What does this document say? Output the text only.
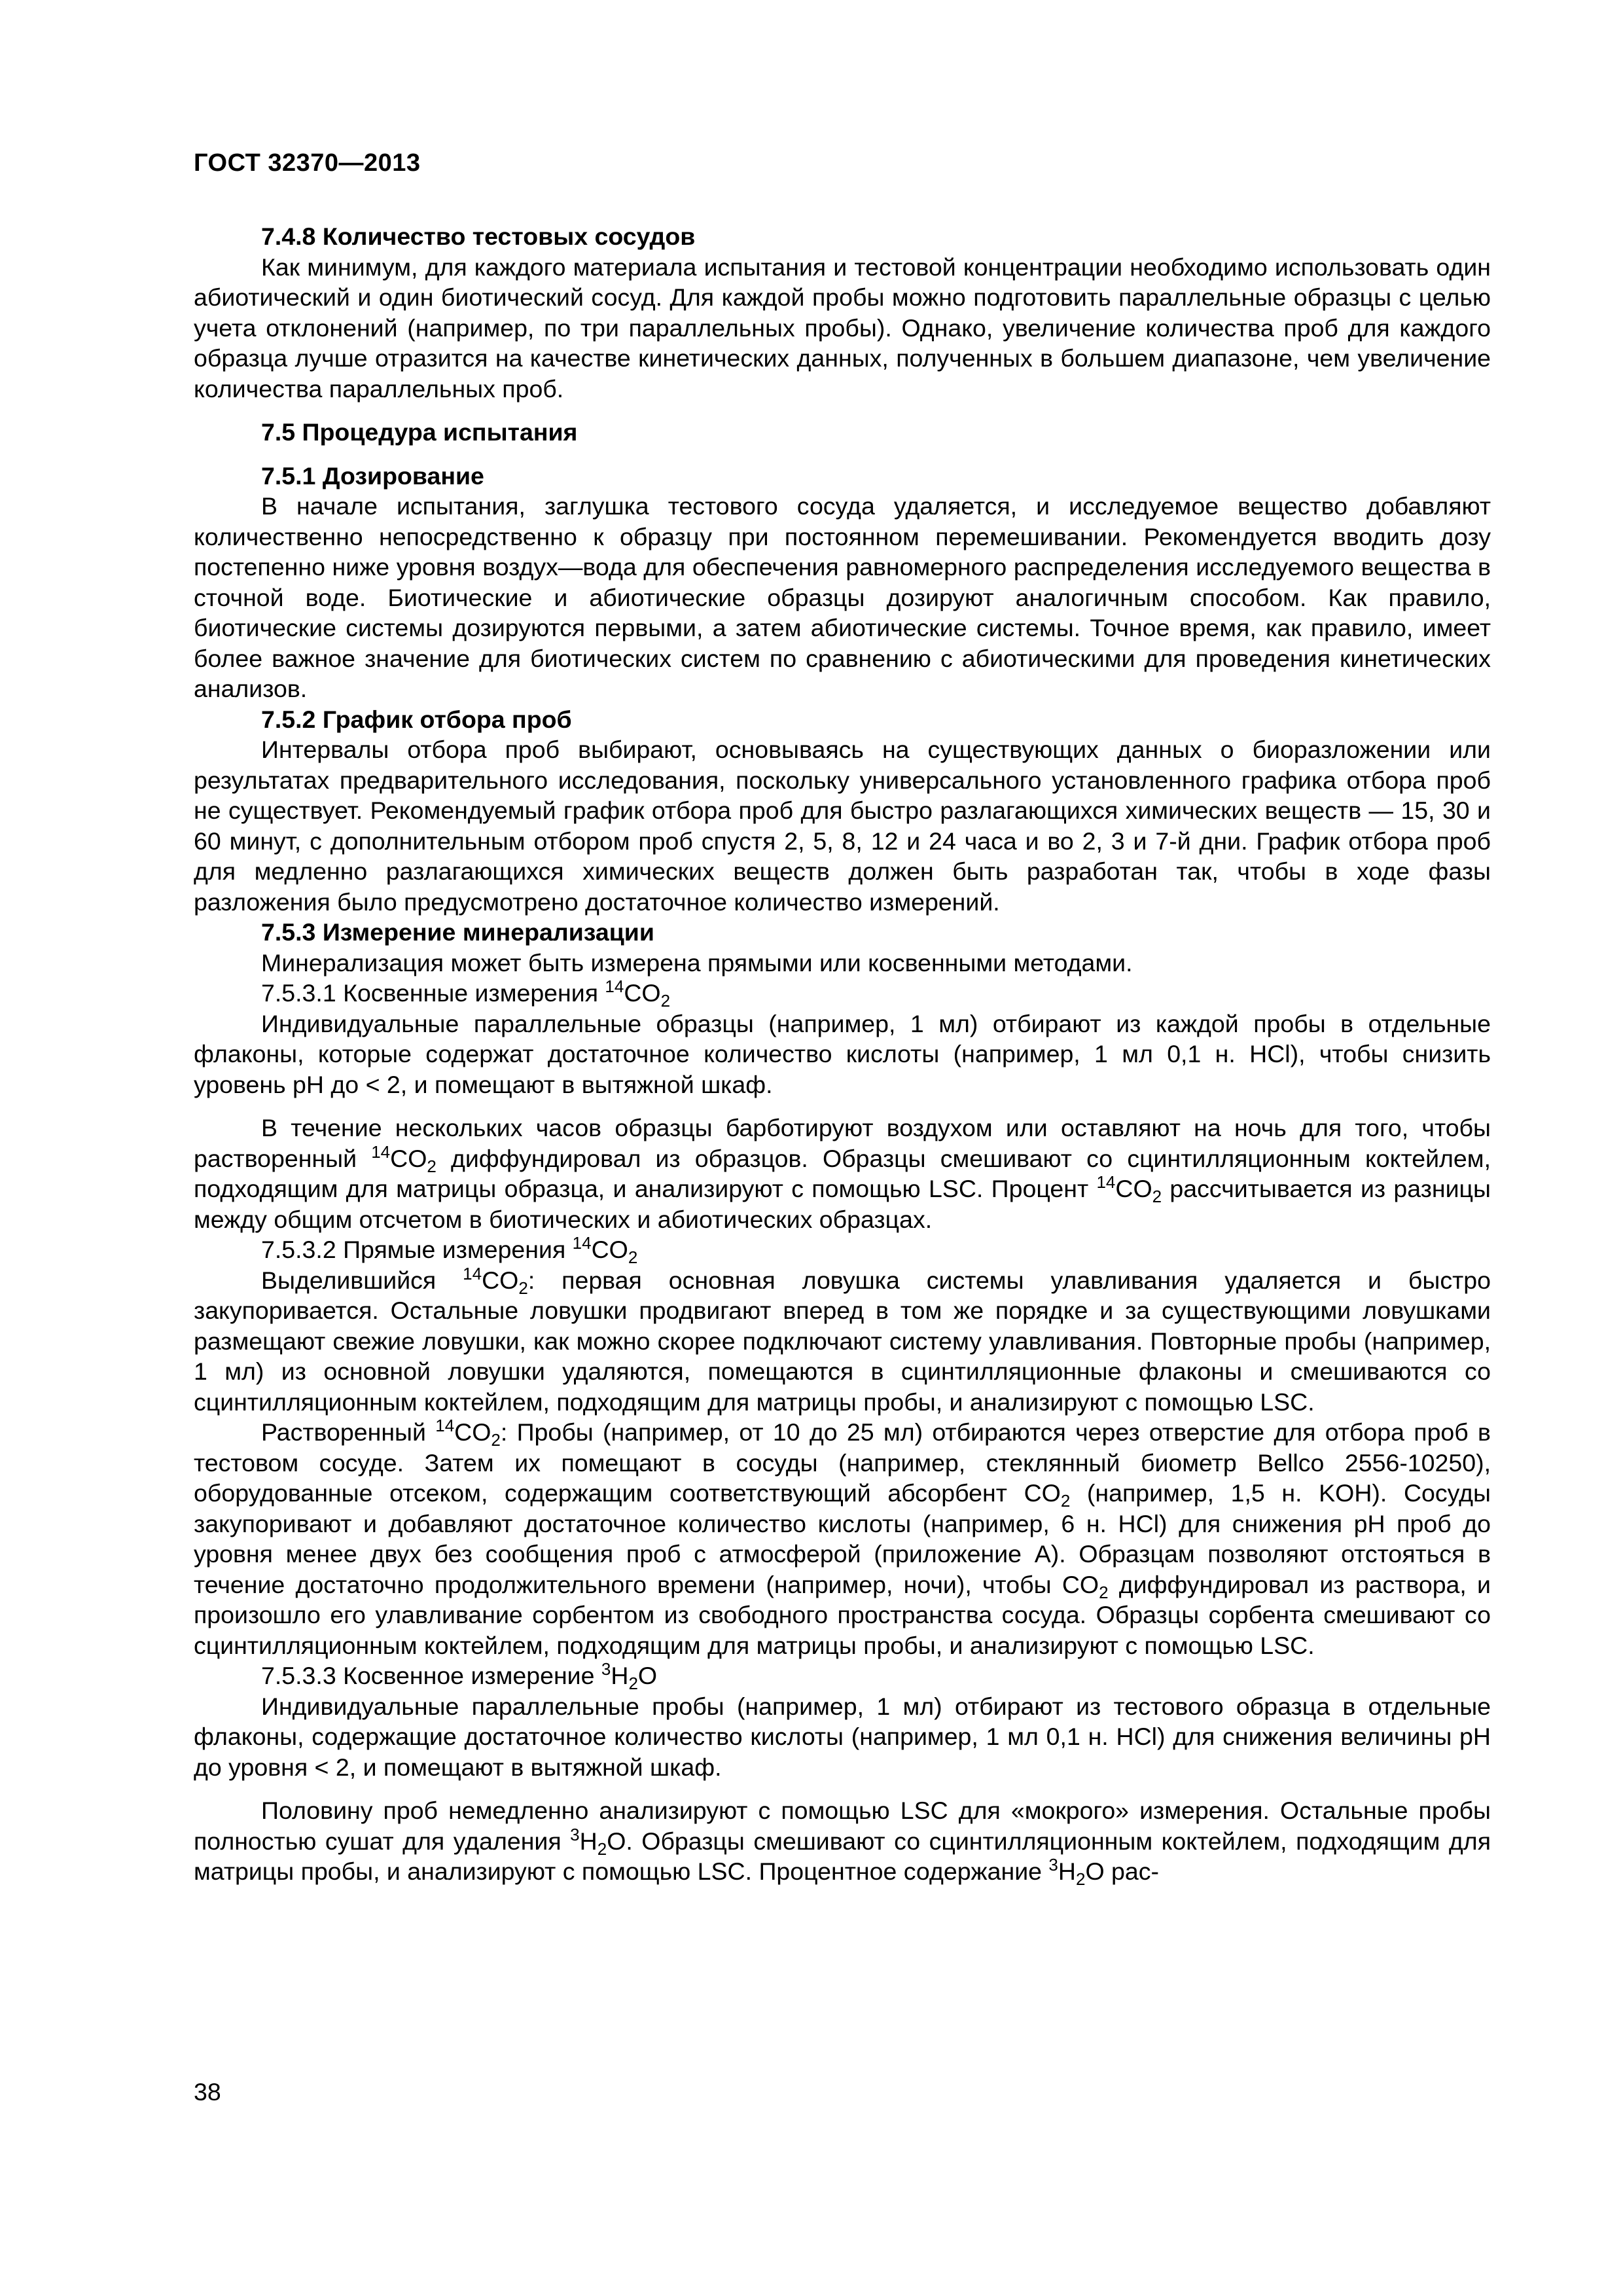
ГОСТ 32370—2013

7.4.8 Количество тестовых сосудов

Как минимум, для каждого материала испытания и тестовой концентрации необходимо использовать один абиотический и один биотический сосуд. Для каждой пробы можно подготовить параллельные образцы с целью учета отклонений (например, по три параллельных пробы). Однако, увеличение количества проб для каждого образца лучше отразится на качестве кинетических данных, полученных в большем диапазоне, чем увеличение количества параллельных проб.

7.5 Процедура испытания

7.5.1 Дозирование

В начале испытания, заглушка тестового сосуда удаляется, и исследуемое вещество добавляют количественно непосредственно к образцу при постоянном перемешивании. Рекомендуется вводить дозу постепенно ниже уровня воздух—вода для обеспечения равномерного распределения исследуемого вещества в сточной воде. Биотические и абиотические образцы дозируют аналогичным способом. Как правило, биотические системы дозируются первыми, а затем абиотические системы. Точное время, как правило, имеет более важное значение для биотических систем по сравнению с абиотическими для проведения кинетических анализов.

7.5.2 График отбора проб

Интервалы отбора проб выбирают, основываясь на существующих данных о биоразложении или результатах предварительного исследования, поскольку универсального установленного графика отбора проб не существует. Рекомендуемый график отбора проб для быстро разлагающихся химических веществ — 15, 30 и 60 минут, с дополнительным отбором проб спустя 2, 5, 8, 12 и 24 часа и во 2, 3 и 7-й дни. График отбора проб для медленно разлагающихся химических веществ должен быть разработан так, чтобы в ходе фазы разложения было предусмотрено достаточное количество измерений.

7.5.3 Измерение минерализации

Минерализация может быть измерена прямыми или косвенными методами.

7.5.3.1 Косвенные измерения $^{14}CO_2$

Индивидуальные параллельные образцы (например, 1 мл) отбирают из каждой пробы в отдельные флаконы, которые содержат достаточное количество кислоты (например, 1 мл 0,1 н. HCl), чтобы снизить уровень pH до < 2, и помещают в вытяжной шкаф.

В течение нескольких часов образцы барботируют воздухом или оставляют на ночь для того, чтобы растворенный $^{14}CO_2$ диффундировал из образцов. Образцы смешивают со сцинтилляционным коктейлем, подходящим для матрицы образца, и анализируют с помощью LSC. Процент $^{14}CO_2$ рассчитывается из разницы между общим отсчетом в биотических и абиотических образцах.

7.5.3.2 Прямые измерения $^{14}CO_2$

Выделившийся $^{14}CO_2$: первая основная ловушка системы улавливания удаляется и быстро закупоривается. Остальные ловушки продвигают вперед в том же порядке и за существующими ловушками размещают свежие ловушки, как можно скорее подключают систему улавливания. Повторные пробы (например, 1 мл) из основной ловушки удаляются, помещаются в сцинтилляционные флаконы и смешиваются со сцинтилляционным коктейлем, подходящим для матрицы пробы, и анализируют с помощью LSC.

Растворенный $^{14}CO_2$: Пробы (например, от 10 до 25 мл) отбираются через отверстие для отбора проб в тестовом сосуде. Затем их помещают в сосуды (например, стеклянный биометр Bellco 2556-10250), оборудованные отсеком, содержащим соответствующий абсорбент $CO_2$ (например, 1,5 н. KOH). Сосуды закупоривают и добавляют достаточное количество кислоты (например, 6 н. HCl) для снижения pH проб до уровня менее двух без сообщения проб с атмосферой (приложение А). Образцам позволяют отстояться в течение достаточно продолжительного времени (например, ночи), чтобы $CO_2$ диффундировал из раствора, и произошло его улавливание сорбентом из свободного пространства сосуда. Образцы сорбента смешивают со сцинтилляционным коктейлем, подходящим для матрицы пробы, и анализируют с помощью LSC.

7.5.3.3 Косвенное измерение $^3H_2O$

Индивидуальные параллельные пробы (например, 1 мл) отбирают из тестового образца в отдельные флаконы, содержащие достаточное количество кислоты (например, 1 мл 0,1 н. HCl) для снижения величины pH до уровня < 2, и помещают в вытяжной шкаф.

Половину проб немедленно анализируют с помощью LSC для «мокрого» измерения. Остальные пробы полностью сушат для удаления $^3H_2O$. Образцы смешивают со сцинтилляционным коктейлем, подходящим для матрицы пробы, и анализируют с помощью LSC. Процентное содержание $^3H_2O$ рас-

38
